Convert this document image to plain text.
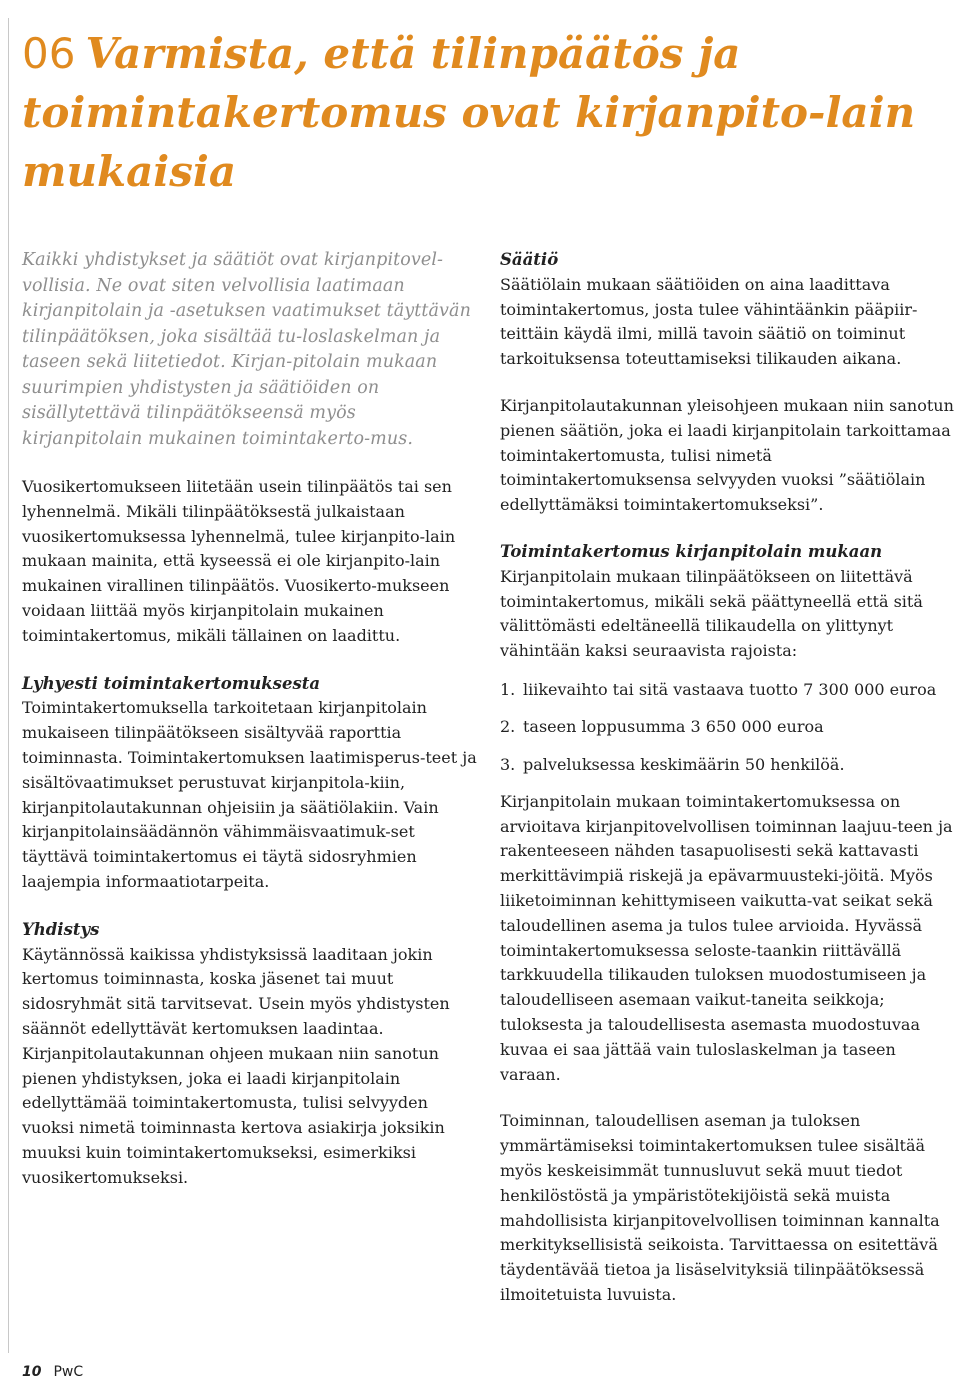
06 Varmista, että tilinpäätös ja toimintakertomus ovat kirjanpito-lain mukaisia

Kaikki yhdistykset ja säätiöt ovat kirjanpitovel-vollisia. Ne ovat siten velvollisia laatimaan kirjanpitolain ja -asetuksen vaatimukset täyttävän tilinpäätöksen, joka sisältää tu-loslaskelman ja taseen sekä liitetiedot. Kirjan-pitolain mukaan suurimpien yhdistysten ja säätiöiden on sisällytettävä tilinpäätökseensä myös kirjanpitolain mukainen toimintakerto-mus.

Vuosikertomukseen liitetään usein tilinpäätös tai sen lyhennelmä. Mikäli tilinpäätöksestä julkaistaan vuosikertomuksessa lyhennelmä, tulee kirjanpito-lain mukaan mainita, että kyseessä ei ole kirjanpito-lain mukainen virallinen tilinpäätös. Vuosikerto-mukseen voidaan liittää myös kirjanpitolain mukainen toimintakertomus, mikäli tällainen on laadittu.

Lyhyesti toimintakertomuksesta

Toimintakertomuksella tarkoitetaan kirjanpitolain mukaiseen tilinpäätökseen sisältyvää raporttia toiminnasta. Toimintakertomuksen laatimisperus-teet ja sisältövaatimukset perustuvat kirjanpitola-kiin, kirjanpitolautakunnan ohjeisiin ja säätiölakiin. Vain kirjanpitolainsäädännön vähimmäisvaatimuk-set täyttävä toimintakertomus ei täytä sidosryhmien laajempia informaatiotarpeita.

Yhdistys

Käytännössä kaikissa yhdistyksissä laaditaan jokin kertomus toiminnasta, koska jäsenet tai muut sidosryhmät sitä tarvitsevat. Usein myös yhdistysten säännöt edellyttävät kertomuksen laadintaa. Kirjanpitolautakunnan ohjeen mukaan niin sanotun pienen yhdistyksen, joka ei laadi kirjanpitolain edellyttämää toimintakertomusta, tulisi selvyyden vuoksi nimetä toiminnasta kertova asiakirja joksikin muuksi kuin toimintakertomukseksi, esimerkiksi vuosikertomukseksi.

Säätiö

Säätiölain mukaan säätiöiden on aina laadittava toimintakertomus, josta tulee vähintäänkin pääpiir-teittäin käydä ilmi, millä tavoin säätiö on toiminut tarkoituksensa toteuttamiseksi tilikauden aikana.

Kirjanpitolautakunnan yleisohjeen mukaan niin sanotun pienen säätiön, joka ei laadi kirjanpitolain tarkoittamaa toimintakertomusta, tulisi nimetä toimintakertomuksensa selvyyden vuoksi ”säätiölain edellyttämäksi toimintakertomukseksi”.

Toimintakertomus kirjanpitolain mukaan

Kirjanpitolain mukaan tilinpäätökseen on liitettävä toimintakertomus, mikäli sekä päättyneellä että sitä välittömästi edeltäneellä tilikaudella on ylittynyt vähintään kaksi seuraavista rajoista:

1. liikevaihto tai sitä vastaava tuotto 7 300 000 euroa
2. taseen loppusumma 3 650 000 euroa
3. palveluksessa keskimäärin 50 henkilöä.

Kirjanpitolain mukaan toimintakertomuksessa on arvioitava kirjanpitovelvollisen toiminnan laajuu-teen ja rakenteeseen nähden tasapuolisesti sekä kattavasti merkittävimpiä riskejä ja epävarmuusteki-jöitä. Myös liiketoiminnan kehittymiseen vaikutta-vat seikat sekä taloudellinen asema ja tulos tulee arvioida. Hyvässä toimintakertomuksessa seloste-taankin riittävällä tarkkuudella tilikauden tuloksen muodostumiseen ja taloudelliseen asemaan vaikut-taneita seikkoja; tuloksesta ja taloudellisesta asemasta muodostuvaa kuvaa ei saa jättää vain tuloslaskelman ja taseen varaan.

Toiminnan, taloudellisen aseman ja tuloksen ymmärtämiseksi toimintakertomuksen tulee sisältää myös keskeisimmät tunnusluvut sekä muut tiedot henkilöstöstä ja ympäristötekijöistä sekä muista mahdollisista kirjanpitovelvollisen toiminnan kannalta merkityksellisistä seikoista. Tarvittaessa on esitettävä täydentävää tietoa ja lisäselvityksiä tilinpäätöksessä ilmoitetuista luvuista.

10 PwC
